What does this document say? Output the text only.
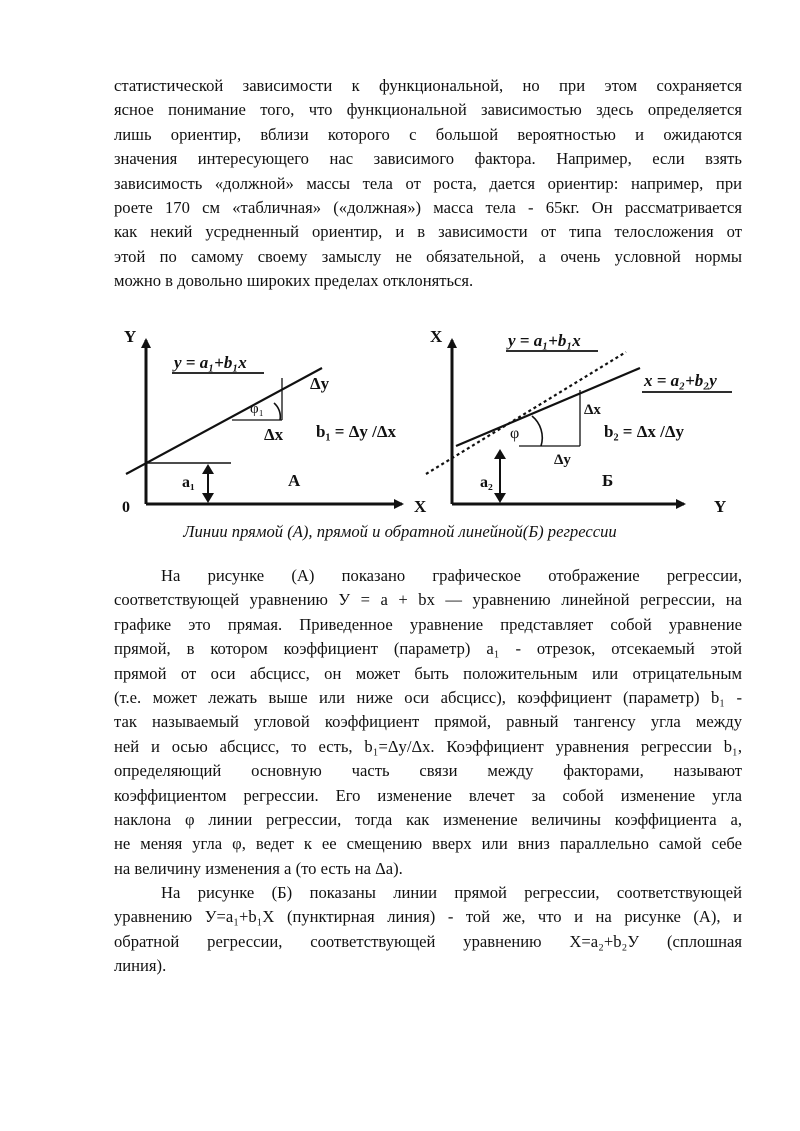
статистической зависимости к функциональной, но при этом сохраняется
ясное понимание того, что функциональной зависимостью здесь определяется
лишь ориентир, вблизи которого с большой вероятностью и ожидаются
значения интересующего нас зависимого фактора. Например, если взять
зависимость «должной» массы тела от роста, дается ориентир: например, при
роете 170 см «табличная» («должная») масса тела - 65кг. Он рассматривается
как некий усредненный ориентир, и в зависимости от типа телосложения от
этой по самому своему замыслу не обязательной, а очень условной нормы
можно в довольно широких пределах отклоняться.
Y
0
y = a₁+b₁x
φ₁
Δx
Δy
b₁ = Δy /Δx
a₁	А
X
X	y = a₁+b₁x
x = a₂+b₂y
φ
Δx
Δy
b₂ = Δx /Δy
a₂	Б
Y
Линии прямой (А), прямой и обратной линейной(Б) регрессии
На рисунке (А) показано графическое отображение регрессии,
соответствующей уравнению У = a + bx — уравнению линейной регрессии, на
графике это прямая. Приведенное уравнение представляет собой уравнение
прямой, в котором коэффициент (параметр) a₁ - отрезок, отсекаемый этой
прямой от оси абсцисс, он может быть положительным или отрицательным
(т.е. может лежать выше или ниже оси абсцисс), коэффициент (параметр) b₁ -
так называемый угловой коэффициент прямой, равный тангенсу угла между
ней и осью абсцисс, то есть, b₁=Δy/Δx. Коэффициент уравнения регрессии b₁,
определяющий основную часть связи между факторами, называют
коэффициентом регрессии. Его изменение влечет за собой изменение угла
наклона φ линии регрессии, тогда как изменение величины коэффициента a,
не меняя угла φ, ведет к ее смещению вверх или вниз параллельно самой себе
на величину изменения a (то есть на Δa).
На рисунке (Б) показаны линии прямой регрессии, соответствующей
уравнению У=a₁+b₁X (пунктирная линия) - той же, что и на рисунке (А), и
обратной регрессии, соответствующей уравнению X=a₂+b₂У (сплошная
линия).
